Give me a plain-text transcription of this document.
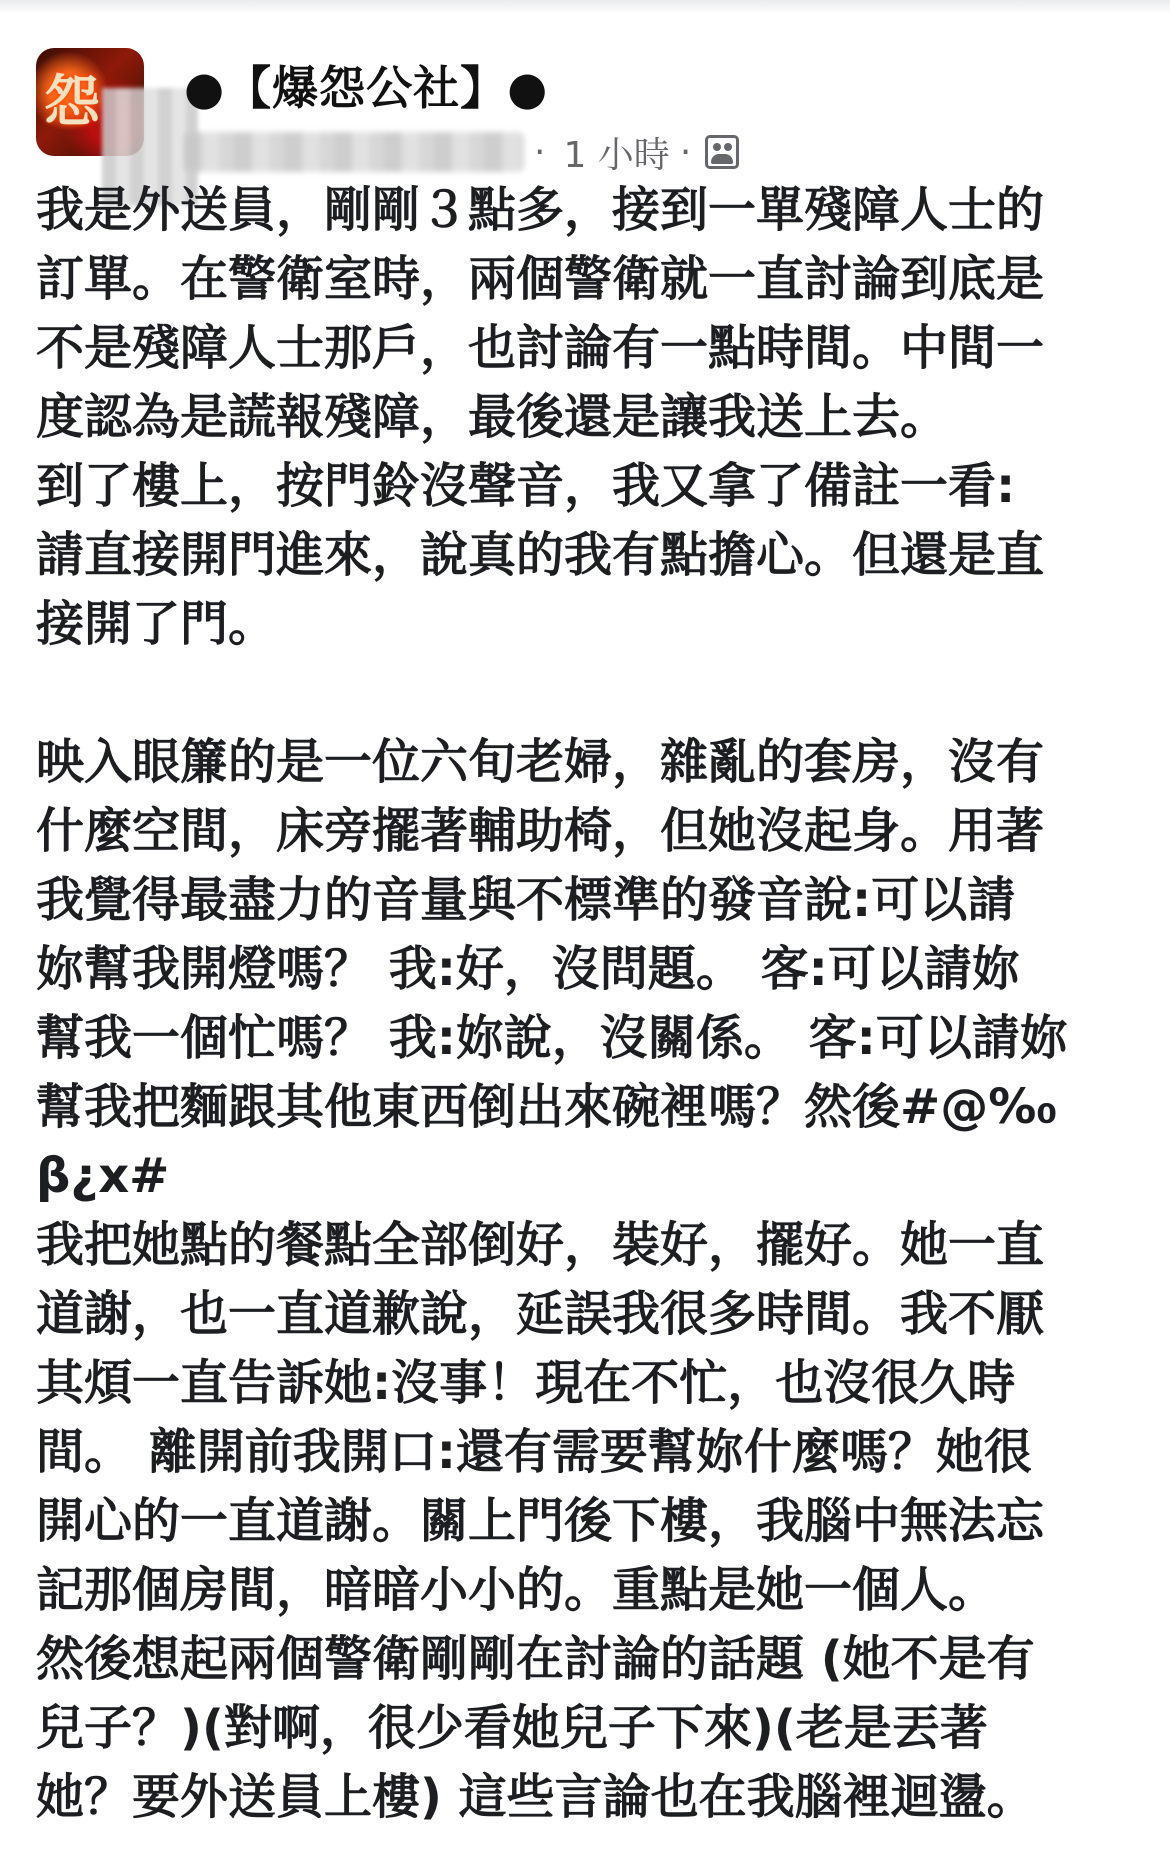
怨 ●【爆怨公社】●
· 1 小時 ·

我是外送員，剛剛３點多，接到一單殘障人士的

訂單。在警衛室時，兩個警衛就一直討論到底是

不是殘障人士那戶，也討論有一點時間。中間一

度認為是謊報殘障，最後還是讓我送上去。

到了樓上，按門鈴沒聲音，我又拿了備註一看:

請直接開門進來，說真的我有點擔心。但還是直

接開了門。

映入眼簾的是一位六旬老婦，雜亂的套房，沒有

什麼空間，床旁擺著輔助椅，但她沒起身。用著

我覺得最盡力的音量與不標準的發音說:可以請

妳幫我開燈嗎？ 我:好，沒問題。 客:可以請妳

幫我一個忙嗎？ 我:妳說，沒關係。 客:可以請妳

幫我把麵跟其他東西倒出來碗裡嗎？然後#@%₀

β¿x#

我把她點的餐點全部倒好，裝好，擺好。她一直

道謝，也一直道歉說，延誤我很多時間。我不厭

其煩一直告訴她:沒事！現在不忙，也沒很久時

間。 離開前我開口:還有需要幫妳什麼嗎？她很

開心的一直道謝。關上門後下樓，我腦中無法忘

記那個房間，暗暗小小的。重點是她一個人。

然後想起兩個警衛剛剛在討論的話題 (她不是有

兒子？)(對啊，很少看她兒子下來)(老是丟著

她？要外送員上樓) 這些言論也在我腦裡迴盪。
